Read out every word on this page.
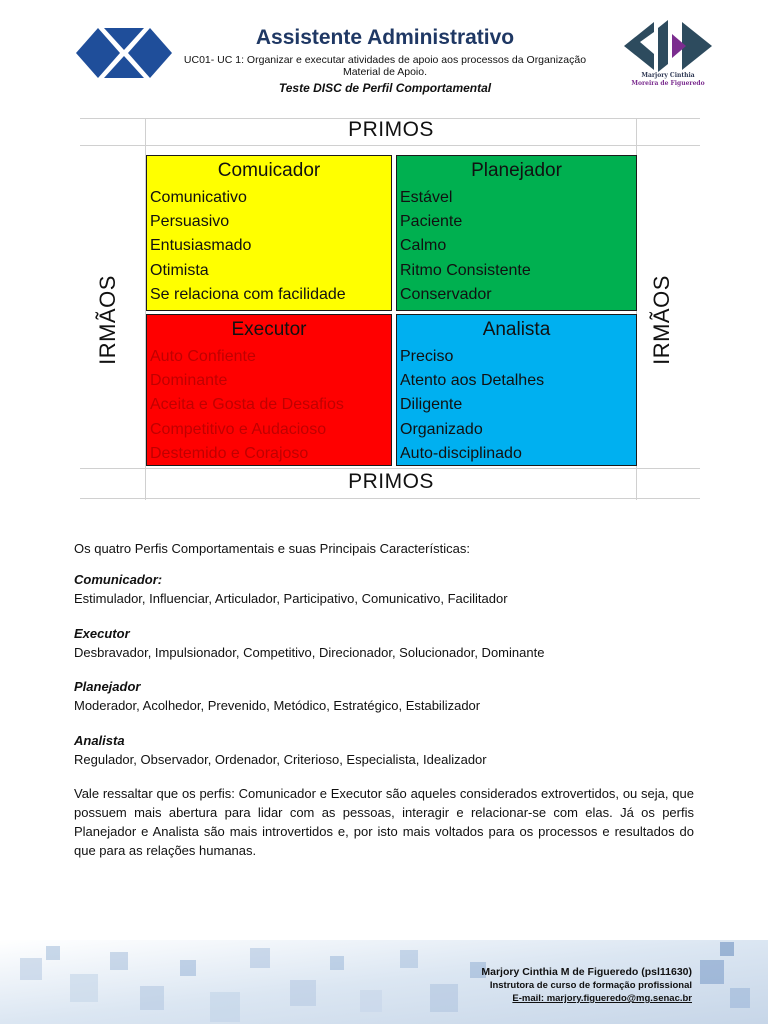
Assistente Administrativo
UC01- UC 1: Organizar e executar atividades de apoio aos processos da Organização
Material de Apoio.
Teste DISC de Perfil Comportamental
Marjory Cinthia
Moreira de Figueredo
PRIMOS
PRIMOS
IRMÃOS	IRMÃOS
Comuicador
Comunicativo
Persuasivo
Entusiasmado
Otimista
Se relaciona com facilidade
Planejador
Estável
Paciente
Calmo
Ritmo Consistente
Conservador
Executor
Auto Confiente
Dominante
Aceita e Gosta de Desafios
Competitivo e Audacioso
Destemido e Corajoso
Analista
Preciso
Atento aos Detalhes
Diligente
Organizado
Auto-disciplinado
Os quatro Perfis Comportamentais e suas Principais Características:
Comunicador:
Estimulador, Influenciar, Articulador, Participativo, Comunicativo, Facilitador
Executor
Desbravador, Impulsionador, Competitivo, Direcionador, Solucionador, Dominante
Planejador
Moderador, Acolhedor, Prevenido, Metódico, Estratégico, Estabilizador
Analista
Regulador, Observador, Ordenador, Criterioso, Especialista, Idealizador
Vale ressaltar que os perfis: Comunicador e Executor são aqueles considerados extrovertidos, ou seja, que possuem mais abertura para lidar com as pessoas, interagir e relacionar-se com elas. Já os perfis Planejador e Analista são mais introvertidos e, por isto mais voltados para os processos e resultados do que para as relações humanas.
Marjory Cinthia M de Figueredo (psl11630)
Instrutora de curso de formação profissional
E-mail: marjory.figueredo@mg.senac.br
